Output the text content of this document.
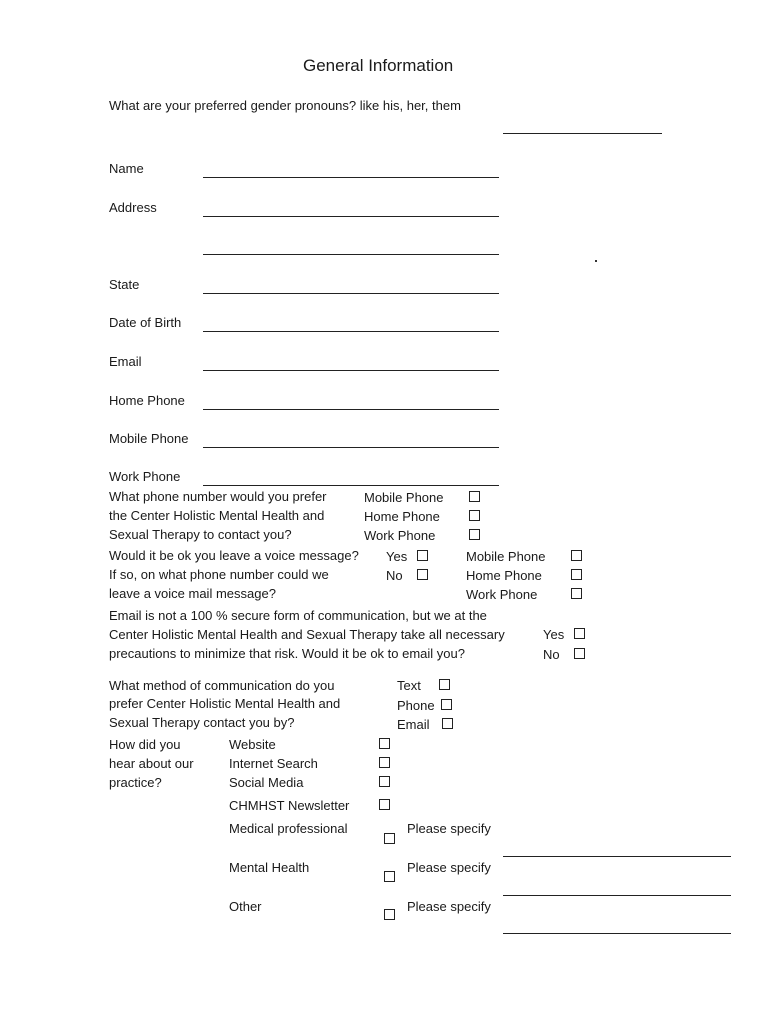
General Information
What are your preferred gender pronouns? like his, her, them
Name
Address
State
Date of Birth
Email
Home Phone
Mobile Phone
Work Phone
What phone number would you prefer
the Center Holistic Mental Health and
Sexual Therapy to contact you?
Mobile Phone
Home Phone
Work Phone
Would it be ok you leave a voice message?
If so, on what phone number could we
leave a voice mail message?
Yes
No
Mobile Phone
Home Phone
Work Phone
Email is not a 100 % secure form of communication, but we at the
Center Holistic Mental Health and Sexual Therapy take all necessary
precautions to minimize that risk. Would it be ok to email you?
Yes
No
What method of communication do you
prefer Center Holistic Mental Health and
Sexual Therapy contact you by?
Text
Phone
Email
How did you
hear about our
practice?
Website
Internet Search
Social Media
CHMHST Newsletter
Medical professional	Please specify
Mental Health	Please specify
Other	Please specify
